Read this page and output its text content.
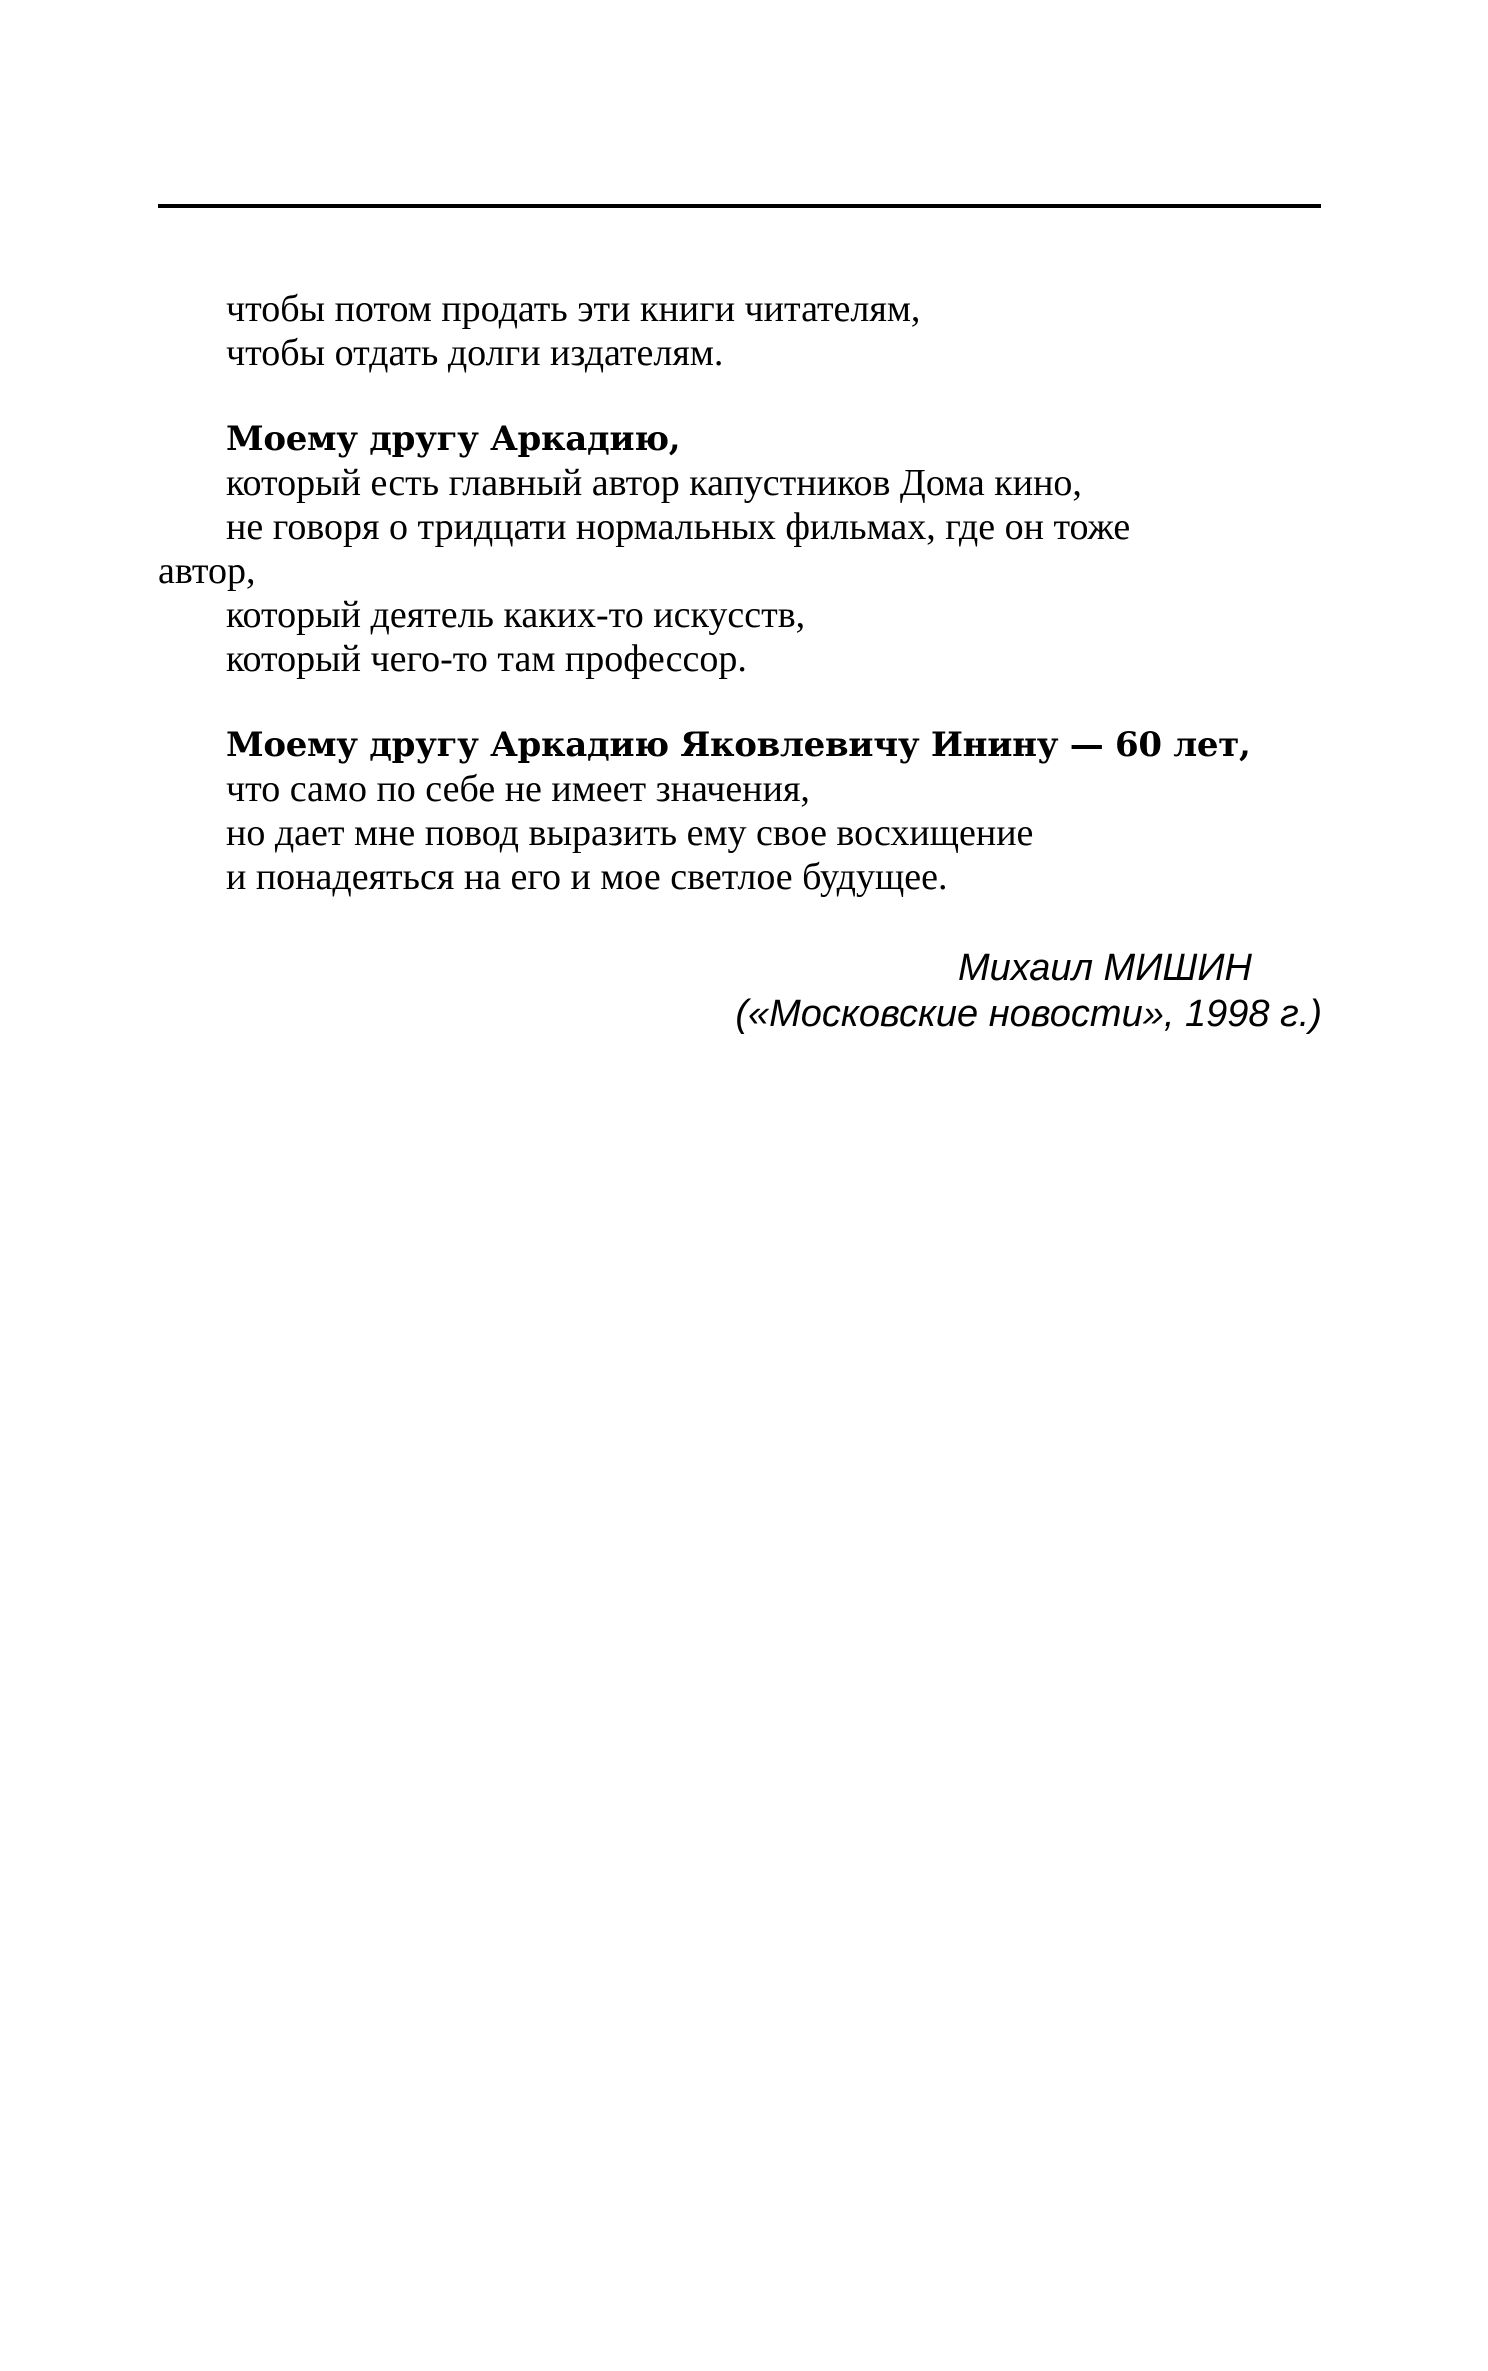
чтобы потом продать эти книги читателям,
чтобы отдать долги издателям.
Моему другу Аркадию,
который есть главный автор капустников Дома кино,
не говоря о тридцати нормальных фильмах, где он тоже
автор,
который деятель каких-то искусств,
который чего-то там профессор.
Моему другу Аркадию Яковлевичу Инину — 60 лет,
что само по себе не имеет значения,
но дает мне повод выразить ему свое восхищение
и понадеяться на его и мое светлое будущее.
Михаил МИШИН
(«Московские новости», 1998 г.)
